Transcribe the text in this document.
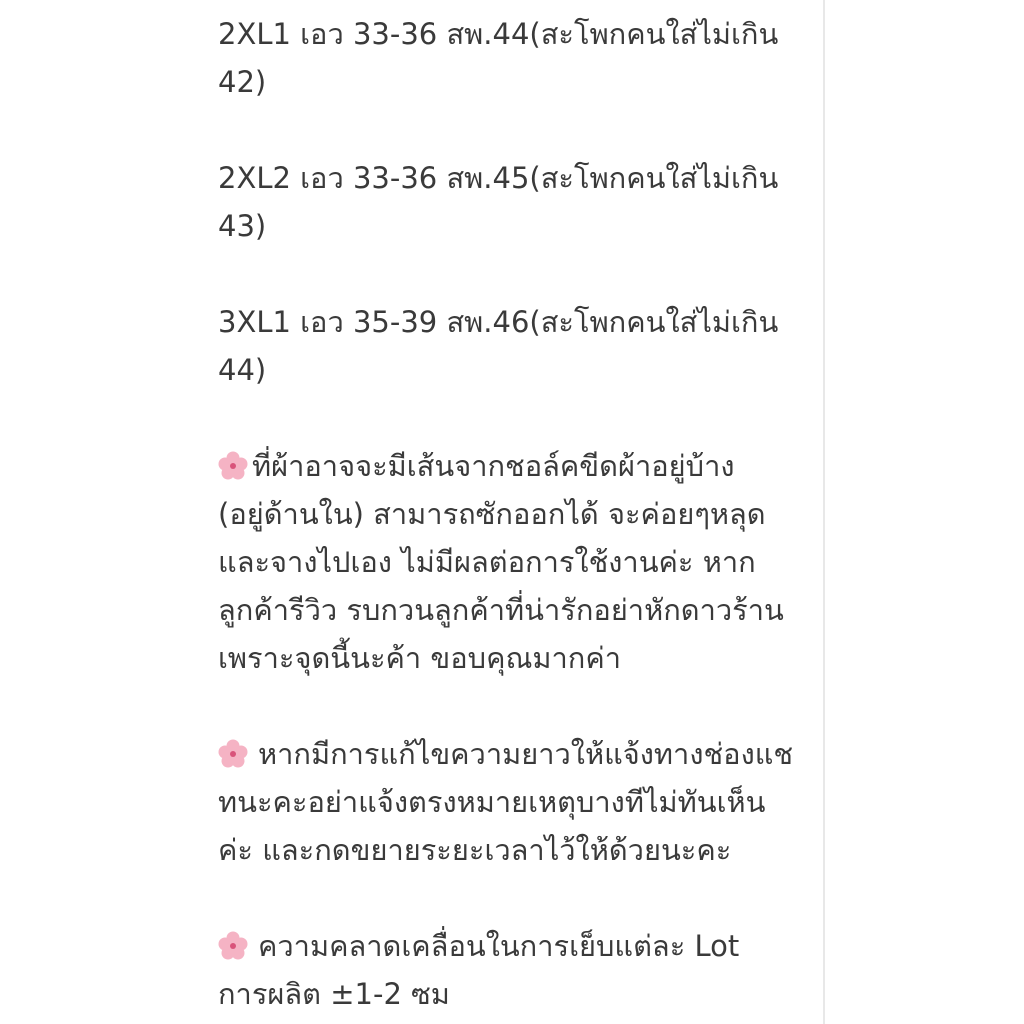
2XL1 เอว 33-36 สพ.44(สะโพกคนใส่ไม่เกิน
42)
2XL2 เอว 33-36 สพ.45(สะโพกคนใส่ไม่เกิน
43)
3XL1 เอว 35-39 สพ.46(สะโพกคนใส่ไม่เกิน
44)
ที่ผ้าอาจจะมีเส้นจากชอล์คขีดผ้าอยู่บ้าง
(อยู่ด้านใน) สามารถซักออกได้ จะค่อยๆหลุด
และจางไปเอง ไม่มีผลต่อการใช้งานค่ะ หาก
ลูกค้ารีวิว รบกวนลูกค้าที่น่ารักอย่าหักดาวร้าน
เพราะจุดนี้นะค้า ขอบคุณมากค่า
หากมีการแก้ไขความยาวให้แจ้งทางช่องแช
ทนะคะอย่าแจ้งตรงหมายเหตุบางทีไม่ทันเห็น
ค่ะ และกดขยายระยะเวลาไว้ให้ด้วยนะคะ
ความคลาดเคลื่อนในการเย็บแต่ละ Lot
การผลิต ±1-2 ซม
